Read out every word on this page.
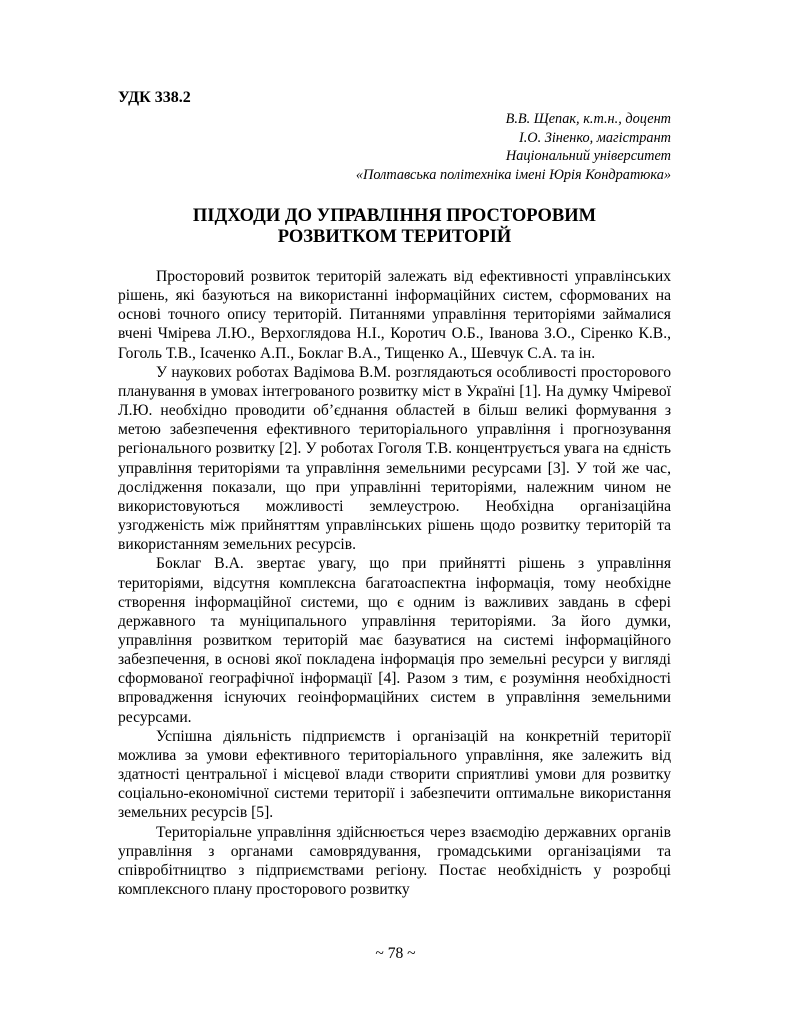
УДК 338.2
В.В. Щепак, к.т.н., доцент
І.О. Зіненко, магістрант
Національний університет
«Полтавська політехніка імені Юрія Кондратюка»
ПІДХОДИ ДО УПРАВЛІННЯ ПРОСТОРОВИМ
РОЗВИТКОМ ТЕРИТОРІЙ

Просторовий розвиток територій залежать від ефективності управлінських рішень, які базуються на використанні інформаційних систем, сформованих на основі точного опису територій. Питаннями управління територіями займалися вчені Чмірева Л.Ю., Верхоглядова Н.І., Коротич О.Б., Іванова З.О., Сіренко К.В., Гоголь Т.В., Ісаченко А.П., Боклаг В.А., Тищенко А., Шевчук С.А. та ін.

У наукових роботах Вадімова В.М. розглядаються особливості просторового планування в умовах інтегрованого розвитку міст в Україні [1]. На думку Чміревої Л.Ю. необхідно проводити об’єднання областей в більш великі формування з метою забезпечення ефективного територіального управління і прогнозування регіонального розвитку [2]. У роботах Гоголя Т.В. концентрується увага на єдність управління територіями та управління земельними ресурсами [3]. У той же час, дослідження показали, що при управлінні територіями, належним чином не використовуються можливості землеустрою. Необхідна організаційна узгодженість між прийняттям управлінських рішень щодо розвитку територій та використанням земельних ресурсів.

Боклаг В.А. звертає увагу, що при прийнятті рішень з управління територіями, відсутня комплексна багатоаспектна інформація, тому необхідне створення інформаційної системи, що є одним із важливих завдань в сфері державного та муніципального управління територіями. За його думки, управління розвитком територій має базуватися на системі інформаційного забезпечення, в основі якої покладена інформація про земельні ресурси у вигляді сформованої географічної інформації [4]. Разом з тим, є розуміння необхідності впровадження існуючих геоінформаційних систем в управління земельними ресурсами.

Успішна діяльність підприємств і організацій на конкретній території можлива за умови ефективного територіального управління, яке залежить від здатності центральної і місцевої влади створити сприятливі умови для розвитку соціально-економічної системи території і забезпечити оптимальне використання земельних ресурсів [5].

Територіальне управління здійснюється через взаємодію державних органів управління з органами самоврядування, громадськими організаціями та співробітництво з підприємствами регіону. Постає необхідність у розробці комплексного плану просторового розвитку

~ 78 ~
